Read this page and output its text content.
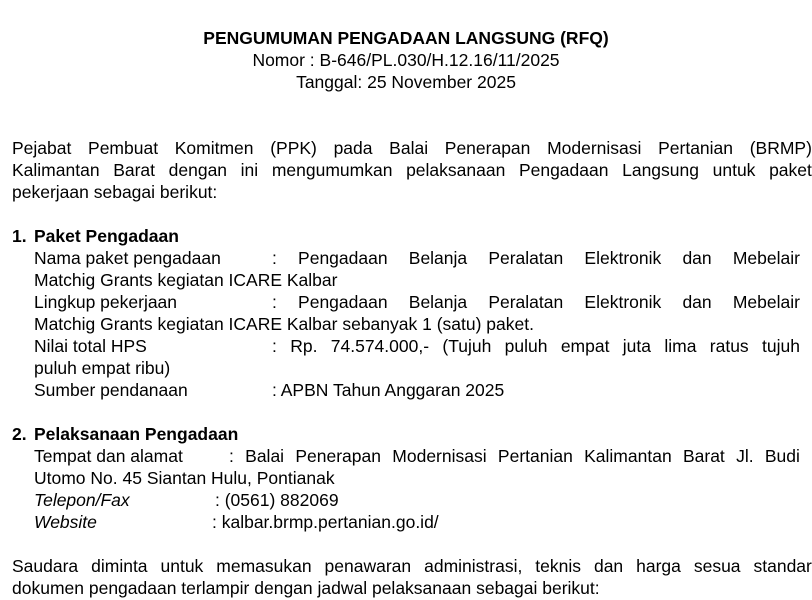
PENGUMUMAN PENGADAAN LANGSUNG (RFQ)
Nomor : B-646/PL.030/H.12.16/11/2025
Tanggal: 25 November 2025
Pejabat Pembuat Komitmen (PPK) pada Balai Penerapan Modernisasi Pertanian (BRMP)
Kalimantan Barat dengan ini mengumumkan pelaksanaan Pengadaan Langsung untuk paket
pekerjaan sebagai berikut:
1. Paket Pengadaan
Nama paket pengadaan	: Pengadaan Belanja Peralatan Elektronik dan Mebelair
Matchig Grants kegiatan ICARE Kalbar
Lingkup pekerjaan	: Pengadaan Belanja Peralatan Elektronik dan Mebelair
Matchig Grants kegiatan ICARE Kalbar sebanyak 1 (satu) paket.
Nilai total HPS	: Rp. 74.574.000,- (Tujuh puluh empat juta lima ratus tujuh
puluh empat ribu)
Sumber pendanaan	: APBN Tahun Anggaran 2025
2. Pelaksanaan Pengadaan
Tempat dan alamat	: Balai Penerapan Modernisasi Pertanian Kalimantan Barat Jl. Budi
Utomo No. 45 Siantan Hulu, Pontianak
Telepon/Fax	: (0561) 882069
Website	: kalbar.brmp.pertanian.go.id/
Saudara diminta untuk memasukan penawaran administrasi, teknis dan harga sesua standar
dokumen pengadaan terlampir dengan jadwal pelaksanaan sebagai berikut:
